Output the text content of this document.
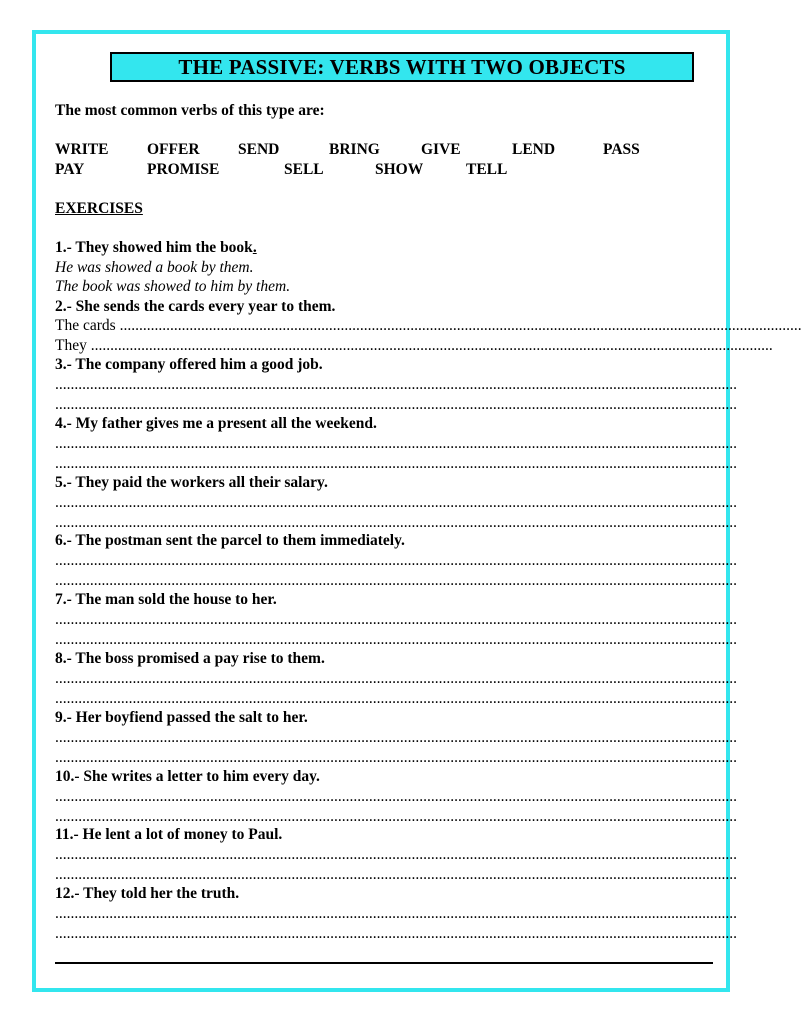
THE PASSIVE: VERBS WITH TWO OBJECTS
The most common verbs of this type are:
WRITE OFFER SEND	BRING	GIVE	LEND	PASS
PAY	PROMISE	SELL	SHOW	TELL
EXERCISES
1.- They showed him the book.
He was showed a book by them.
The book was showed to him by them.
2.- She sends the cards every year to them.
The cards ................................................................................................................................................................................
They ................................................................................................................................................................................
3.- The company offered him a good job.
................................................................................................................................................................................
................................................................................................................................................................................
4.- My father gives me a present all the weekend.
................................................................................................................................................................................
................................................................................................................................................................................
5.- They paid the workers all their salary.
................................................................................................................................................................................
................................................................................................................................................................................
6.- The postman sent the parcel to them immediately.
................................................................................................................................................................................
................................................................................................................................................................................
7.- The man sold the house to her.
................................................................................................................................................................................
................................................................................................................................................................................
8.- The boss promised a pay rise to them.
................................................................................................................................................................................
................................................................................................................................................................................
9.- Her boyfiend passed the salt to her.
................................................................................................................................................................................
................................................................................................................................................................................
10.- She writes a letter to him every day.
................................................................................................................................................................................
................................................................................................................................................................................
11.- He lent a lot of money to Paul.
................................................................................................................................................................................
................................................................................................................................................................................
12.- They told her the truth.
................................................................................................................................................................................
................................................................................................................................................................................
